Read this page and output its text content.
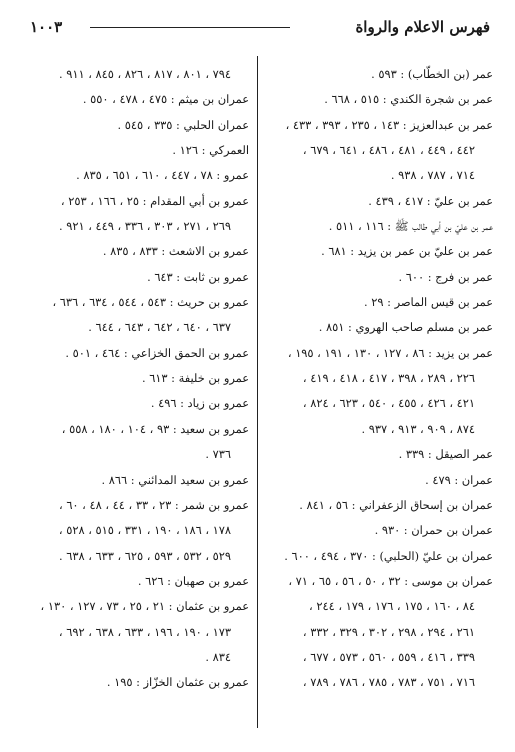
فهرس الاعلام والرواة
١٠٠٣
عمر (بن الخطّاب) : ٥٩٣ .
عمر بن شجرة الكندي : ٥١٥ ، ٦٦٨ .
عمر بن عبدالعزيز : ١٤٣ ، ٢٣٥ ، ٣٩٣ ، ٤٣٣ ،
٤٤٢ ، ٤٤٩ ، ٤٨١ ، ٤٨٦ ، ٦٤١ ، ٦٧٩ ،
٧١٤ ، ٧٨٧ ، ٩٣٨ .
عمر بن عليّ : ٤١٧ ، ٤٣٩ .
عمر بن عليّ بن أبي طالب ﷺ : ١١٦ ، ٥١١ .
عمر بن عليّ بن عمر بن يزيد : ٦٨١ .
عمر بن فرج : ٦٠٠ .
عمر بن قيس الماصر : ٢٩ .
عمر بن مسلم صاحب الهروي : ٨٥١ .
عمر بن يزيد : ٨٦ ، ١٢٧ ، ١٣٠ ، ١٩١ ، ١٩٥ ،
٢٢٦ ، ٢٨٩ ، ٣٩٨ ، ٤١٧ ، ٤١٨ ، ٤١٩ ،
٤٢١ ، ٤٢٦ ، ٤٥٥ ، ٥٤٠ ، ٦٢٣ ، ٨٢٤ ،
٨٧٤ ، ٩٠٩ ، ٩١٣ ، ٩٣٧ .
عمر الصيقل : ٣٣٩ .
عمران : ٤٧٩ .
عمران بن إسحاق الزعفراني : ٥٦ ، ٨٤١ .
عمران بن حمران : ٩٣٠ .
عمران بن عليّ (الحلبي) : ٣٧٠ ، ٤٩٤ ، ٦٠٠ .
عمران بن موسى : ٣٢ ، ٥٠ ، ٥٦ ، ٦٥ ، ٧١ ،
٨٤ ، ١٦٠ ، ١٧٥ ، ١٧٦ ، ١٧٩ ، ٢٤٤ ،
٢٦١ ، ٢٩٤ ، ٢٩٨ ، ٣٠٢ ، ٣٢٩ ، ٣٣٢ ،
٣٣٩ ، ٤١٦ ، ٥٥٩ ، ٥٦٠ ، ٥٧٣ ، ٦٧٧ ،
٧١٦ ، ٧٥١ ، ٧٨٣ ، ٧٨٥ ، ٧٨٦ ، ٧٨٩ ،
٧٩٤ ، ٨٠١ ، ٨١٧ ، ٨٢٦ ، ٨٤٥ ، ٩١١ .
عمران بن ميثم : ٤٧٥ ، ٤٧٨ ، ٥٥٠ .
عمران الحلبي : ٣٣٥ ، ٥٤٥ .
العمركي : ١٢٦ .
عمرو : ٧٨ ، ٤٤٧ ، ٦١٠ ، ٦٥١ ، ٨٣٥ .
عمرو بن أبي المقدام : ٢٥ ، ١٦٦ ، ٢٥٣ ،
٢٦٩ ، ٢٧١ ، ٣٠٣ ، ٣٣٦ ، ٤٤٩ ، ٩٢١ .
عمرو بن الاشعث : ٨٣٣ ، ٨٣٥ .
عمرو بن ثابت : ٦٤٣ .
عمرو بن حريث : ٥٤٣ ، ٥٤٤ ، ٦٣٤ ، ٦٣٦ ،
٦٣٧ ، ٦٤٠ ، ٦٤٢ ، ٦٤٣ ، ٦٤٤ .
عمرو بن الحمق الخزاعي : ٤٦٤ ، ٥٠١ .
عمرو بن خليفة : ٦١٣ .
عمرو بن زياد : ٤٩٦ .
عمرو بن سعيد : ٩٣ ، ١٠٤ ، ١٨٠ ، ٥٥٨ ،
٧٣٦ .
عمرو بن سعيد المدائني : ٨٦٦ .
عمرو بن شمر : ٢٣ ، ٣٣ ، ٤٤ ، ٤٨ ، ٦٠ ،
١٧٨ ، ١٨٦ ، ١٩٠ ، ٣٣١ ، ٥١٥ ، ٥٢٨ ،
٥٢٩ ، ٥٣٢ ، ٥٩٣ ، ٦٢٥ ، ٦٣٣ ، ٦٣٨ .
عمرو بن صهبان : ٦٢٦ .
عمرو بن عثمان : ٢١ ، ٢٥ ، ٧٣ ، ١٢٧ ، ١٣٠ ،
١٧٣ ، ١٩٠ ، ١٩٦ ، ٦٣٣ ، ٦٣٨ ، ٦٩٢ ،
٨٣٤ .
عمرو بن عثمان الخزّاز : ١٩٥ .
